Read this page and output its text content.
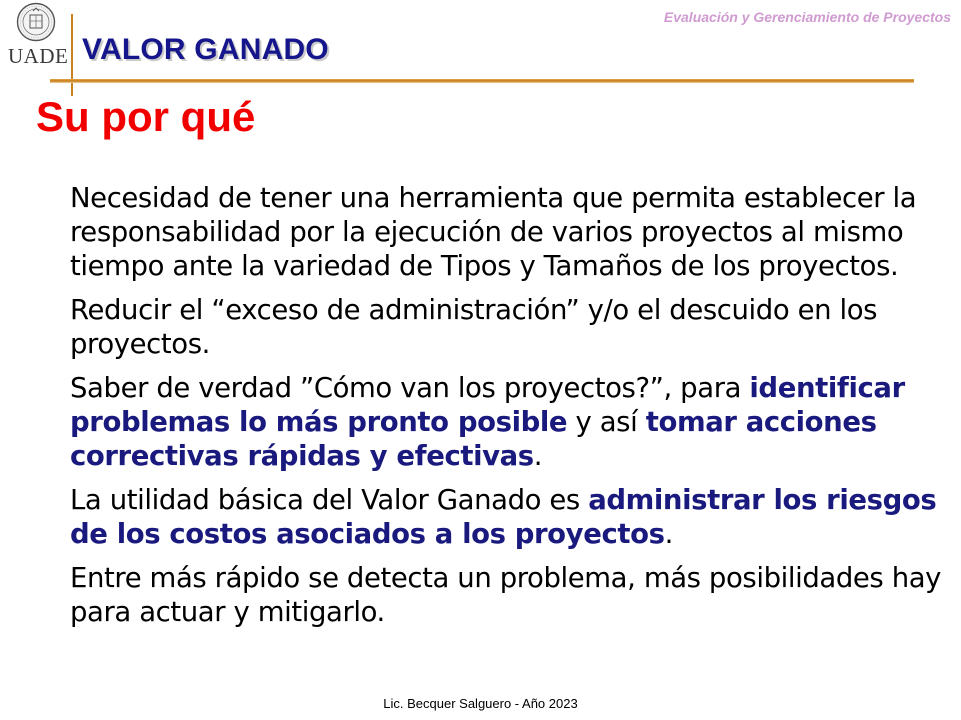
Evaluación y Gerenciamiento de Proyectos
UADE VALOR GANADO
Su por qué
Necesidad de tener una herramienta que permita establecer la responsabilidad por la ejecución de varios proyectos al mismo tiempo ante la variedad de Tipos y Tamaños de los proyectos.
Reducir el “exceso de administración” y/o el descuido en los proyectos.
Saber de verdad ”Cómo van los proyectos?”, para identificar problemas lo más pronto posible y así tomar acciones correctivas rápidas y efectivas.
La utilidad básica del Valor Ganado es administrar los riesgos de los costos asociados a los proyectos.
Entre más rápido se detecta un problema, más posibilidades hay para actuar y mitigarlo.
Lic. Becquer Salguero - Año 2023
